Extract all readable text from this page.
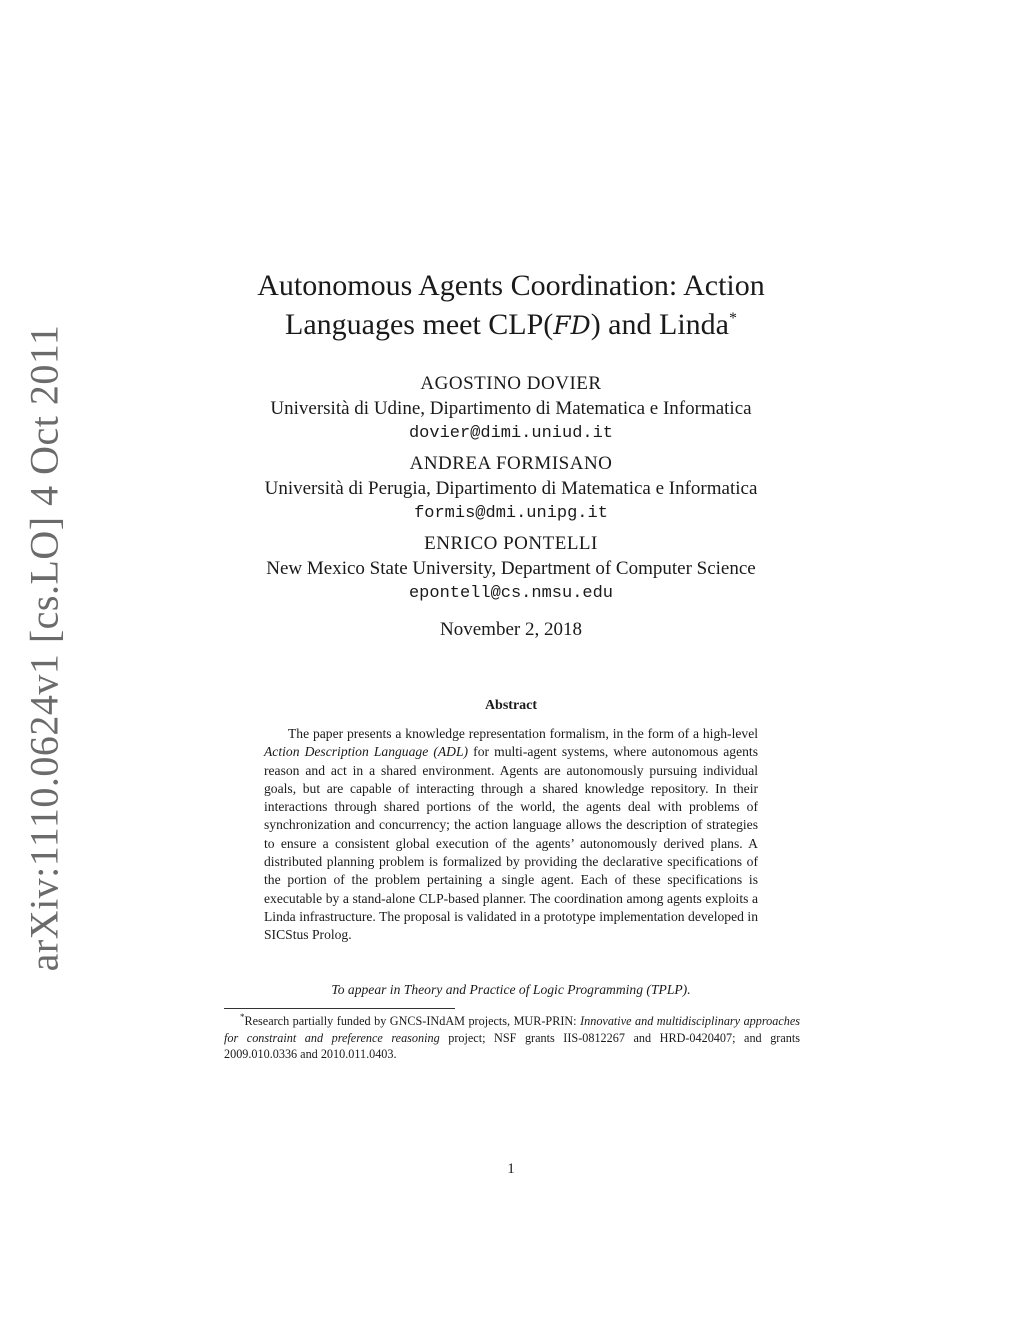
arXiv:1110.0624v1 [cs.LO] 4 Oct 2011
Autonomous Agents Coordination: Action
Languages meet CLP(FD) and Linda*
AGOSTINO DOVIER
Università di Udine, Dipartimento di Matematica e Informatica
dovier@dimi.uniud.it
ANDREA FORMISANO
Università di Perugia, Dipartimento di Matematica e Informatica
formis@dmi.unipg.it
ENRICO PONTELLI
New Mexico State University, Department of Computer Science
epontell@cs.nmsu.edu
November 2, 2018
Abstract

The paper presents a knowledge representation formalism, in the form of a high-level Action Description Language (ADL) for multi-agent systems, where autonomous agents reason and act in a shared environment. Agents are autonomously pursuing individual goals, but are capable of interacting through a shared knowledge repository. In their interactions through shared portions of the world, the agents deal with problems of synchronization and concurrency; the action language allows the description of strategies to ensure a consistent global execution of the agents’ autonomously derived plans. A distributed planning problem is formalized by providing the declarative specifications of the portion of the problem pertaining a single agent. Each of these specifications is executable by a stand-alone CLP-based planner. The coordination among agents exploits a Linda infrastructure. The proposal is validated in a prototype implementation developed in SICStus Prolog.

To appear in Theory and Practice of Logic Programming (TPLP).

*Research partially funded by GNCS-INdAM projects, MUR-PRIN: Innovative and multidisciplinary approaches for constraint and preference reasoning project; NSF grants IIS-0812267 and HRD-0420407; and grants 2009.010.0336 and 2010.011.0403.

1
